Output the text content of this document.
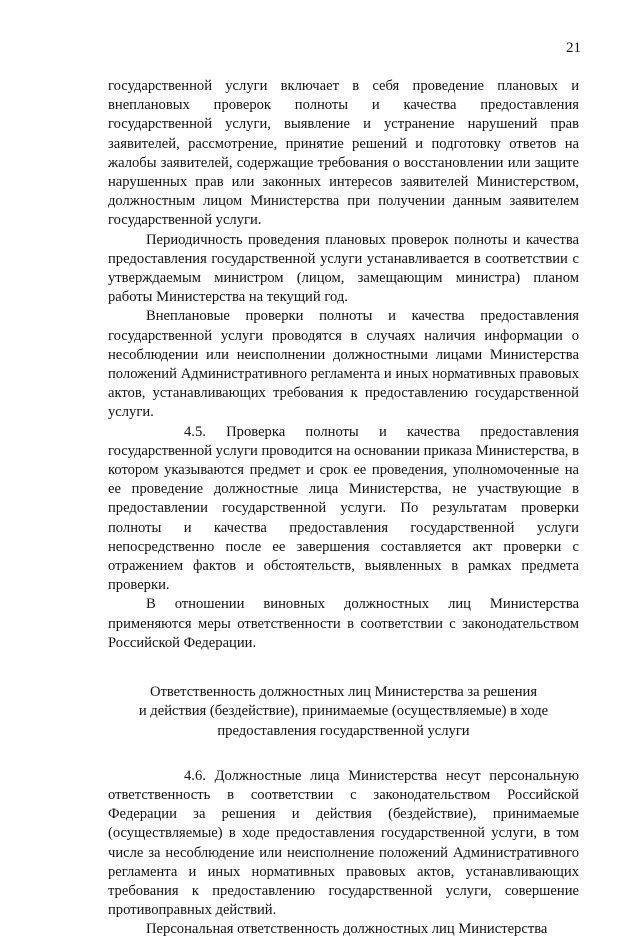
21

государственной услуги включает в себя проведение плановых и внеплановых проверок полноты и качества предоставления государственной услуги, выявление и устранение нарушений прав заявителей, рассмотрение, принятие решений и подготовку ответов на жалобы заявителей, содержащие требования о восстановлении или защите нарушенных прав или законных интересов заявителей Министерством, должностным лицом Министерства при получении данным заявителем государственной услуги.

Периодичность проведения плановых проверок полноты и качества предоставления государственной услуги устанавливается в соответствии с утверждаемым министром (лицом, замещающим министра) планом работы Министерства на текущий год.

Внеплановые проверки полноты и качества предоставления государственной услуги проводятся в случаях наличия информации о несоблюдении или неисполнении должностными лицами Министерства положений Административного регламента и иных нормативных правовых актов, устанавливающих требования к предоставлению государственной услуги.

4.5. Проверка полноты и качества предоставления государственной услуги проводится на основании приказа Министерства, в котором указываются предмет и срок ее проведения, уполномоченные на ее проведение должностные лица Министерства, не участвующие в предоставлении государственной услуги. По результатам проверки полноты и качества предоставления государственной услуги непосредственно после ее завершения составляется акт проверки с отражением фактов и обстоятельств, выявленных в рамках предмета проверки.

В отношении виновных должностных лиц Министерства применяются меры ответственности в соответствии с законодательством Российской Федерации.

Ответственность должностных лиц Министерства за решения
и действия (бездействие), принимаемые (осуществляемые) в ходе
предоставления государственной услуги

4.6. Должностные лица Министерства несут персональную ответственность в соответствии с законодательством Российской Федерации за решения и действия (бездействие), принимаемые (осуществляемые) в ходе предоставления государственной услуги, в том числе за несоблюдение или неисполнение положений Административного регламента и иных нормативных правовых актов, устанавливающих требования к предоставлению государственной услуги, совершение противоправных действий.

Персональная ответственность должностных лиц Министерства
